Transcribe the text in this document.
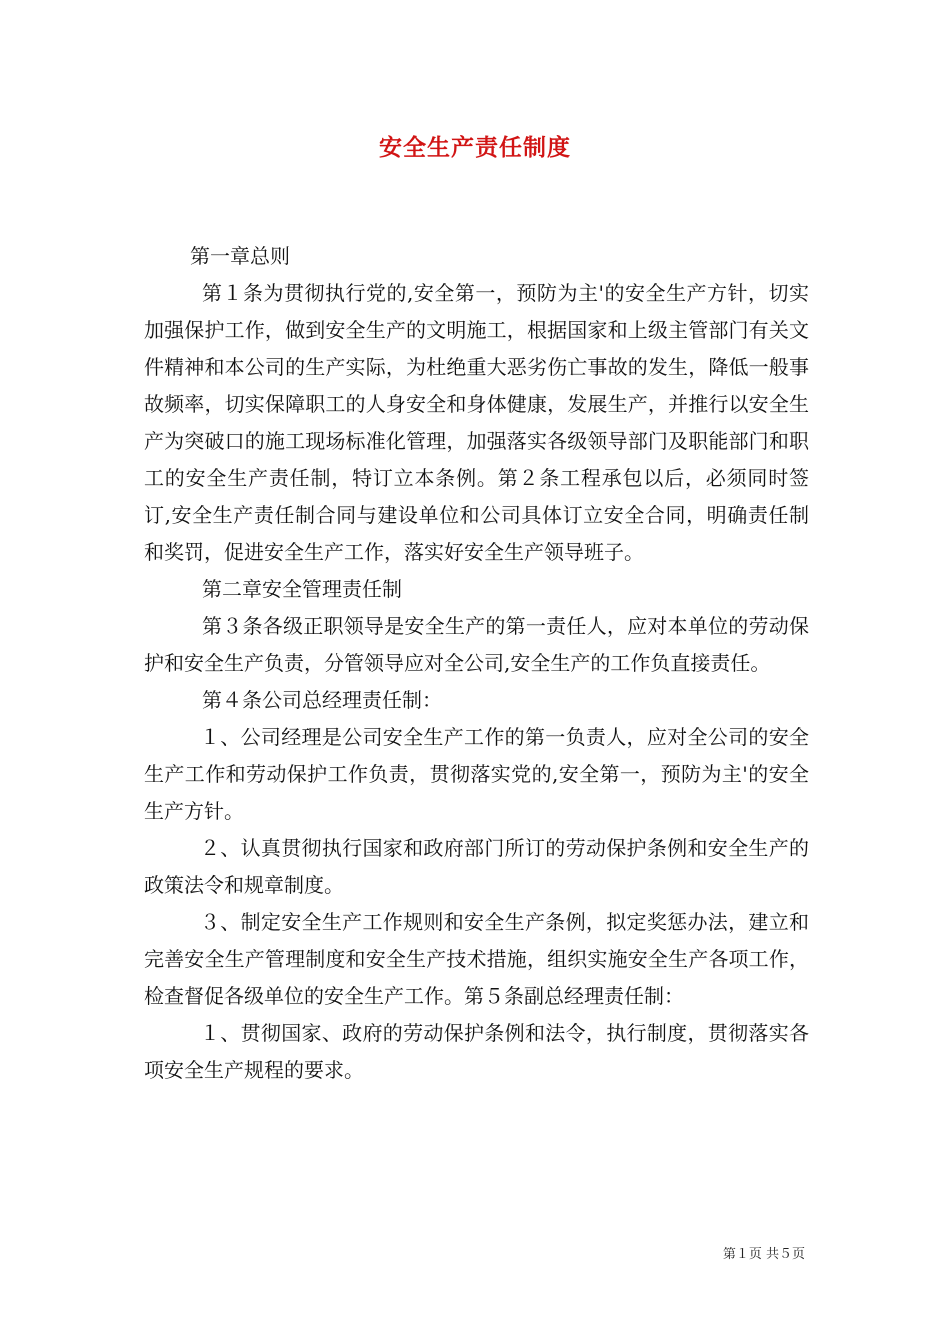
安全生产责任制度

第一章总则

第１条为贯彻执行党的,安全第一，预防为主'的安全生产方针，切实加强保护工作，做到安全生产的文明施工，根据国家和上级主管部门有关文件精神和本公司的生产实际，为杜绝重大恶劣伤亡事故的发生，降低一般事故频率，切实保障职工的人身安全和身体健康，发展生产，并推行以安全生产为突破口的施工现场标准化管理，加强落实各级领导部门及职能部门和职工的安全生产责任制，特订立本条例。第２条工程承包以后，必须同时签订,安全生产责任制合同与建设单位和公司具体订立安全合同，明确责任制和奖罚，促进安全生产工作，落实好安全生产领导班子。

第二章安全管理责任制

第３条各级正职领导是安全生产的第一责任人，应对本单位的劳动保护和安全生产负责，分管领导应对全公司,安全生产的工作负直接责任。

第４条公司总经理责任制：

１、公司经理是公司安全生产工作的第一负责人，应对全公司的安全生产工作和劳动保护工作负责，贯彻落实党的,安全第一，预防为主'的安全生产方针。

２、认真贯彻执行国家和政府部门所订的劳动保护条例和安全生产的政策法令和规章制度。

３、制定安全生产工作规则和安全生产条例，拟定奖惩办法，建立和完善安全生产管理制度和安全生产技术措施，组织实施安全生产各项工作，检查督促各级单位的安全生产工作。第５条副总经理责任制：

１、贯彻国家、政府的劳动保护条例和法令，执行制度，贯彻落实各项安全生产规程的要求。

第１页 共５页
